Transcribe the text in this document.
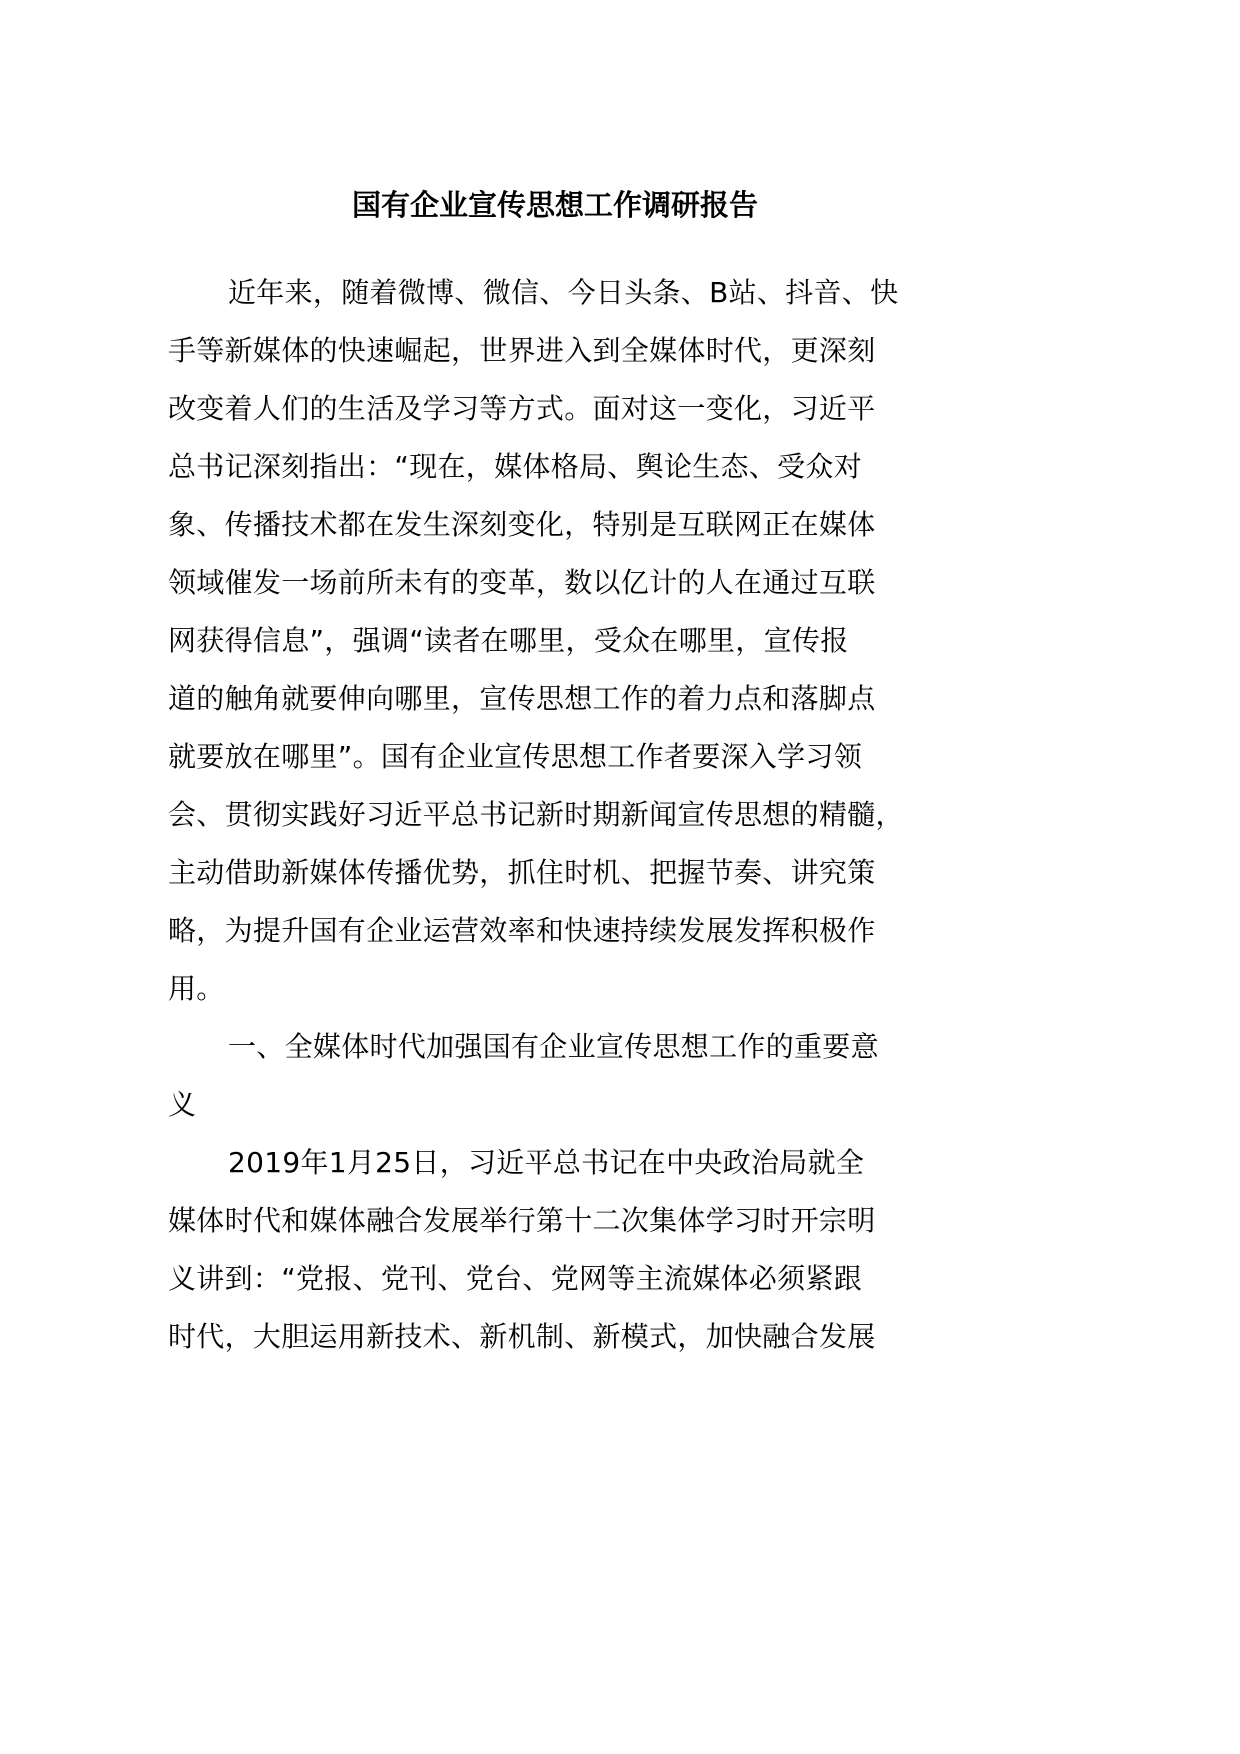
国有企业宣传思想工作调研报告
近年来，随着微博、微信、今日头条、B站、抖音、快
手等新媒体的快速崛起，世界进入到全媒体时代，更深刻
改变着人们的生活及学习等方式。面对这一变化，习近平
总书记深刻指出：“现在，媒体格局、舆论生态、受众对
象、传播技术都在发生深刻变化，特别是互联网正在媒体
领域催发一场前所未有的变革，数以亿计的人在通过互联
网获得信息”，强调“读者在哪里，受众在哪里，宣传报
道的触角就要伸向哪里，宣传思想工作的着力点和落脚点
就要放在哪里”。国有企业宣传思想工作者要深入学习领
会、贯彻实践好习近平总书记新时期新闻宣传思想的精髓，
主动借助新媒体传播优势，抓住时机、把握节奏、讲究策
略，为提升国有企业运营效率和快速持续发展发挥积极作
用。
一、全媒体时代加强国有企业宣传思想工作的重要意
义
2019年1月25日，习近平总书记在中央政治局就全
媒体时代和媒体融合发展举行第十二次集体学习时开宗明
义讲到：“党报、党刊、党台、党网等主流媒体必须紧跟
时代，大胆运用新技术、新机制、新模式，加快融合发展
